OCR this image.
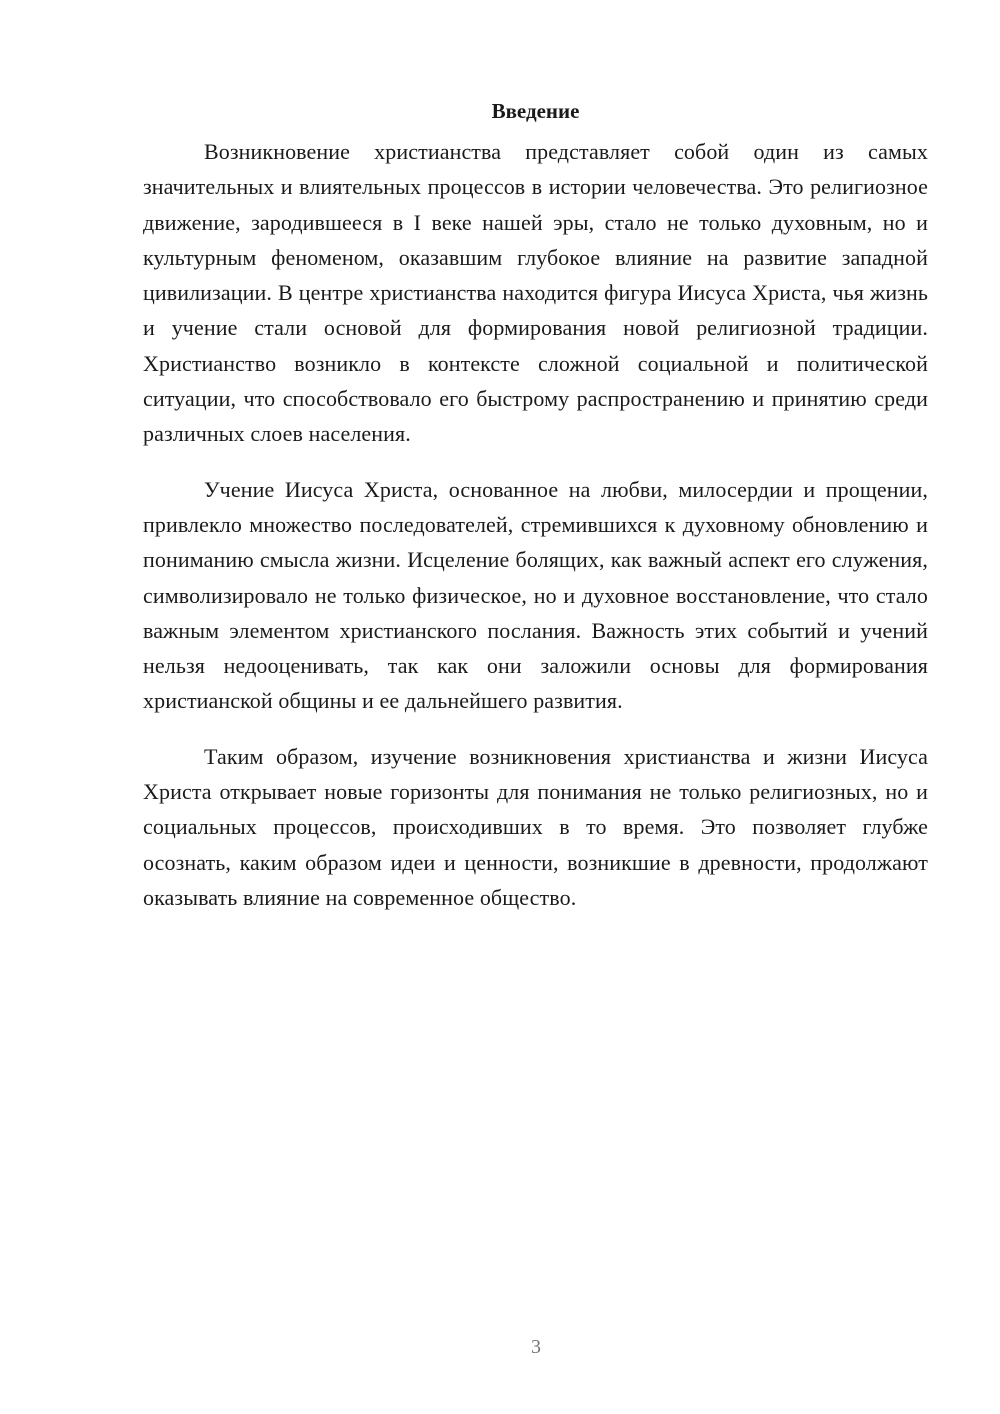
Введение

Возникновение христианства представляет собой один из самых значительных и влиятельных процессов в истории человечества. Это религиозное движение, зародившееся в I веке нашей эры, стало не только духовным, но и культурным феноменом, оказавшим глубокое влияние на развитие западной цивилизации. В центре христианства находится фигура Иисуса Христа, чья жизнь и учение стали основой для формирования новой религиозной традиции. Христианство возникло в контексте сложной социальной и политической ситуации, что способствовало его быстрому распространению и принятию среди различных слоев населения.

Учение Иисуса Христа, основанное на любви, милосердии и прощении, привлекло множество последователей, стремившихся к духовному обновлению и пониманию смысла жизни. Исцеление болящих, как важный аспект его служения, символизировало не только физическое, но и духовное восстановление, что стало важным элементом христианского послания. Важность этих событий и учений нельзя недооценивать, так как они заложили основы для формирования христианской общины и ее дальнейшего развития.

Таким образом, изучение возникновения христианства и жизни Иисуса Христа открывает новые горизонты для понимания не только религиозных, но и социальных процессов, происходивших в то время. Это позволяет глубже осознать, каким образом идеи и ценности, возникшие в древности, продолжают оказывать влияние на современное общество.

3
